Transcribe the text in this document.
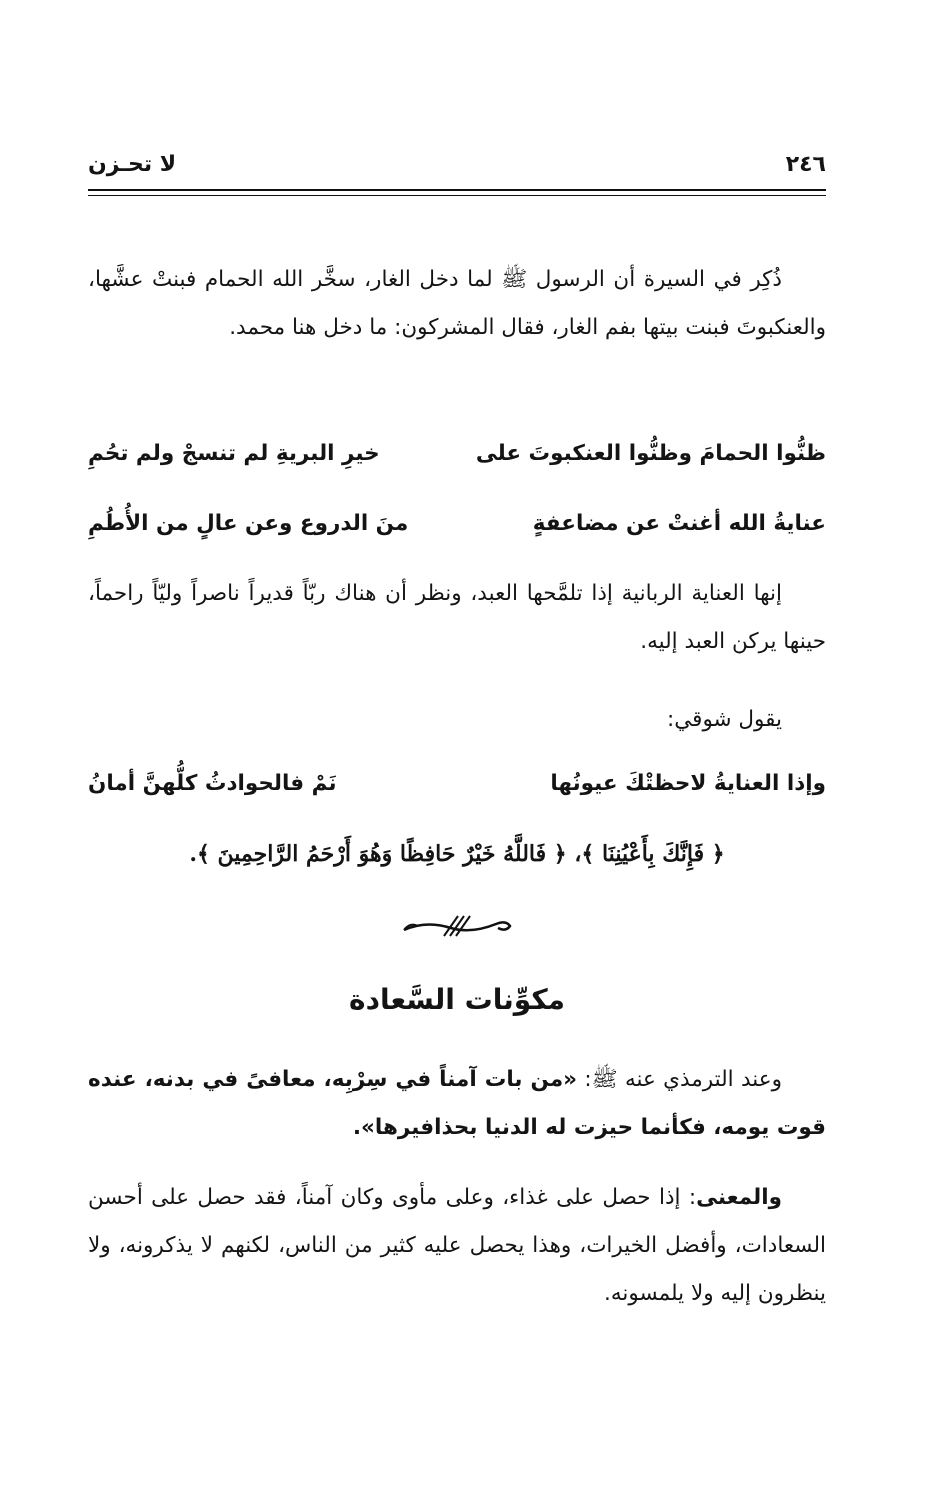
٢٤٦
لا تحـزن

ذُكِر في السيرة أن الرسول ﷺ لما دخل الغار، سخَّر الله الحمام فبنتْ عشَّها، والعنكبوتَ فبنت بيتها بفم الغار، فقال المشركون: ما دخل هنا محمد.

ظنُّوا الحمامَ وظنُّوا العنكبوتَ على
خيرِ البريةِ لم تنسجْ ولم تحُمِ
عنايةُ الله أغنتْ عن مضاعفةٍ
منَ الدروع وعن عالٍ من الأُطُمِ

إنها العناية الربانية إذا تلمَّحها العبد، ونظر أن هناك ربّاً قديراً ناصراً وليّاً راحماً، حينها يركن العبد إليه.

يقول شوقي:
وإذا العنايةُ لاحظتْكَ عيونُها
نَمْ فالحوادثُ كلُّهنَّ أمانُ
﴿ فَإِنَّكَ بِأَعْيُنِنَا ﴾، ﴿ فَاللَّهُ خَيْرٌ حَافِظًا وَهُوَ أَرْحَمُ الرَّاحِمِينَ ﴾.
مكوِّنات السَّعادة

وعند الترمذي عنه ﷺ: «من بات آمناً في سِرْبِه، معافىً في بدنه، عنده قوت يومه، فكأنما حيزت له الدنيا بحذافيرها».

والمعنى: إذا حصل على غذاء، وعلى مأوى وكان آمناً، فقد حصل على أحسن السعادات، وأفضل الخيرات، وهذا يحصل عليه كثير من الناس، لكنهم لا يذكرونه، ولا ينظرون إليه ولا يلمسونه.
